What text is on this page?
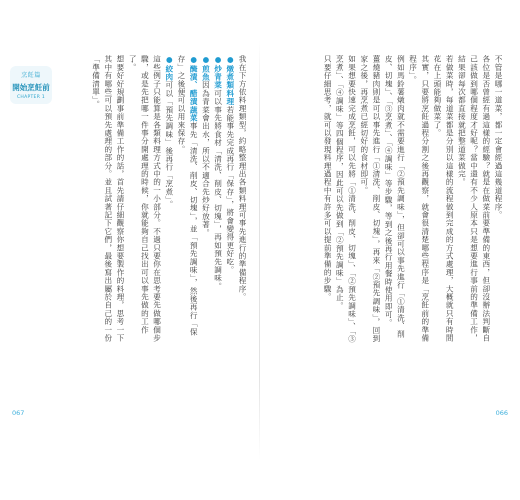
不管是哪一道菜，都一定會經過這幾道程序。

各位是否曾經有過這樣的經驗？就是在做菜前要準備的東西，但卻沒辦法判斷自己該做到哪個程度才好呢？當中還有不少人原本只是想要進行事前的準備工作，結果卻每次都直接就把整道菜做完。

若做菜時，每道菜都是分別以這樣的流程做到完成的方式處理，大概就只有時間花在上頭能夠做菜了。

其實，只要將烹飪過程分割之後再觀察，就會很清楚哪些程序是「烹飪前的準備程序」。

例如馬鈴薯燉肉就不需要進行「②預先調味」，但卻可以事先進行「①清洗、削皮、切塊」、「③烹煮」、「④調味」等步驟，等到之後再行用餐時使用即可。

薑燒豬肉則是可以事先進行「①清洗、削皮、切塊」，再來「②預先調味」，回到家之後，再烹煮已經切好的食材即可。

如果想要快速完成烹飪，可以先將「①清洗、削皮、切塊」、「②預先調味」、「③烹煮」、「④調味」等四個程序，因此可以先做到「②預先調味」為止。

只要仔細思考，就可以發現料理過程中有許多可以提前準備的步驟。

066
烹飪篇
開始烹飪前
CHAPTER 1	我在下方依料理類型，約略整理出各類料理可事先進行的準備程序。

●燉煮類料理若能事先完成再行「保存」，將會變得更好吃。

●炒青菜可以事先將食材「清洗、削皮、切塊」，再如預先調味。

●煎魚因為青菜會出水，所以不適合先炒好放著。

●醃漬、醋漬蔬菜事先「清洗、削皮、切塊」，並「預先調味」，然後再行「保存」之後便可以用來保存。

●絞肉可以「預先調味」後再行「烹煮」。

這些例子只能算是各類料理方式中的一小部分。不過只要你在思考要先做哪個步驟，或是先把哪一件事分開處理的時候，你就能夠自己找出可以事先做的工作了。

想要好好規劃事前準備工作的話，首先請仔細觀察你想要製作的料理，思考一下其中有哪些可以預先處理的部分。並且試著記下它們，最後寫出屬於自己的一份「準備清單」。

067
